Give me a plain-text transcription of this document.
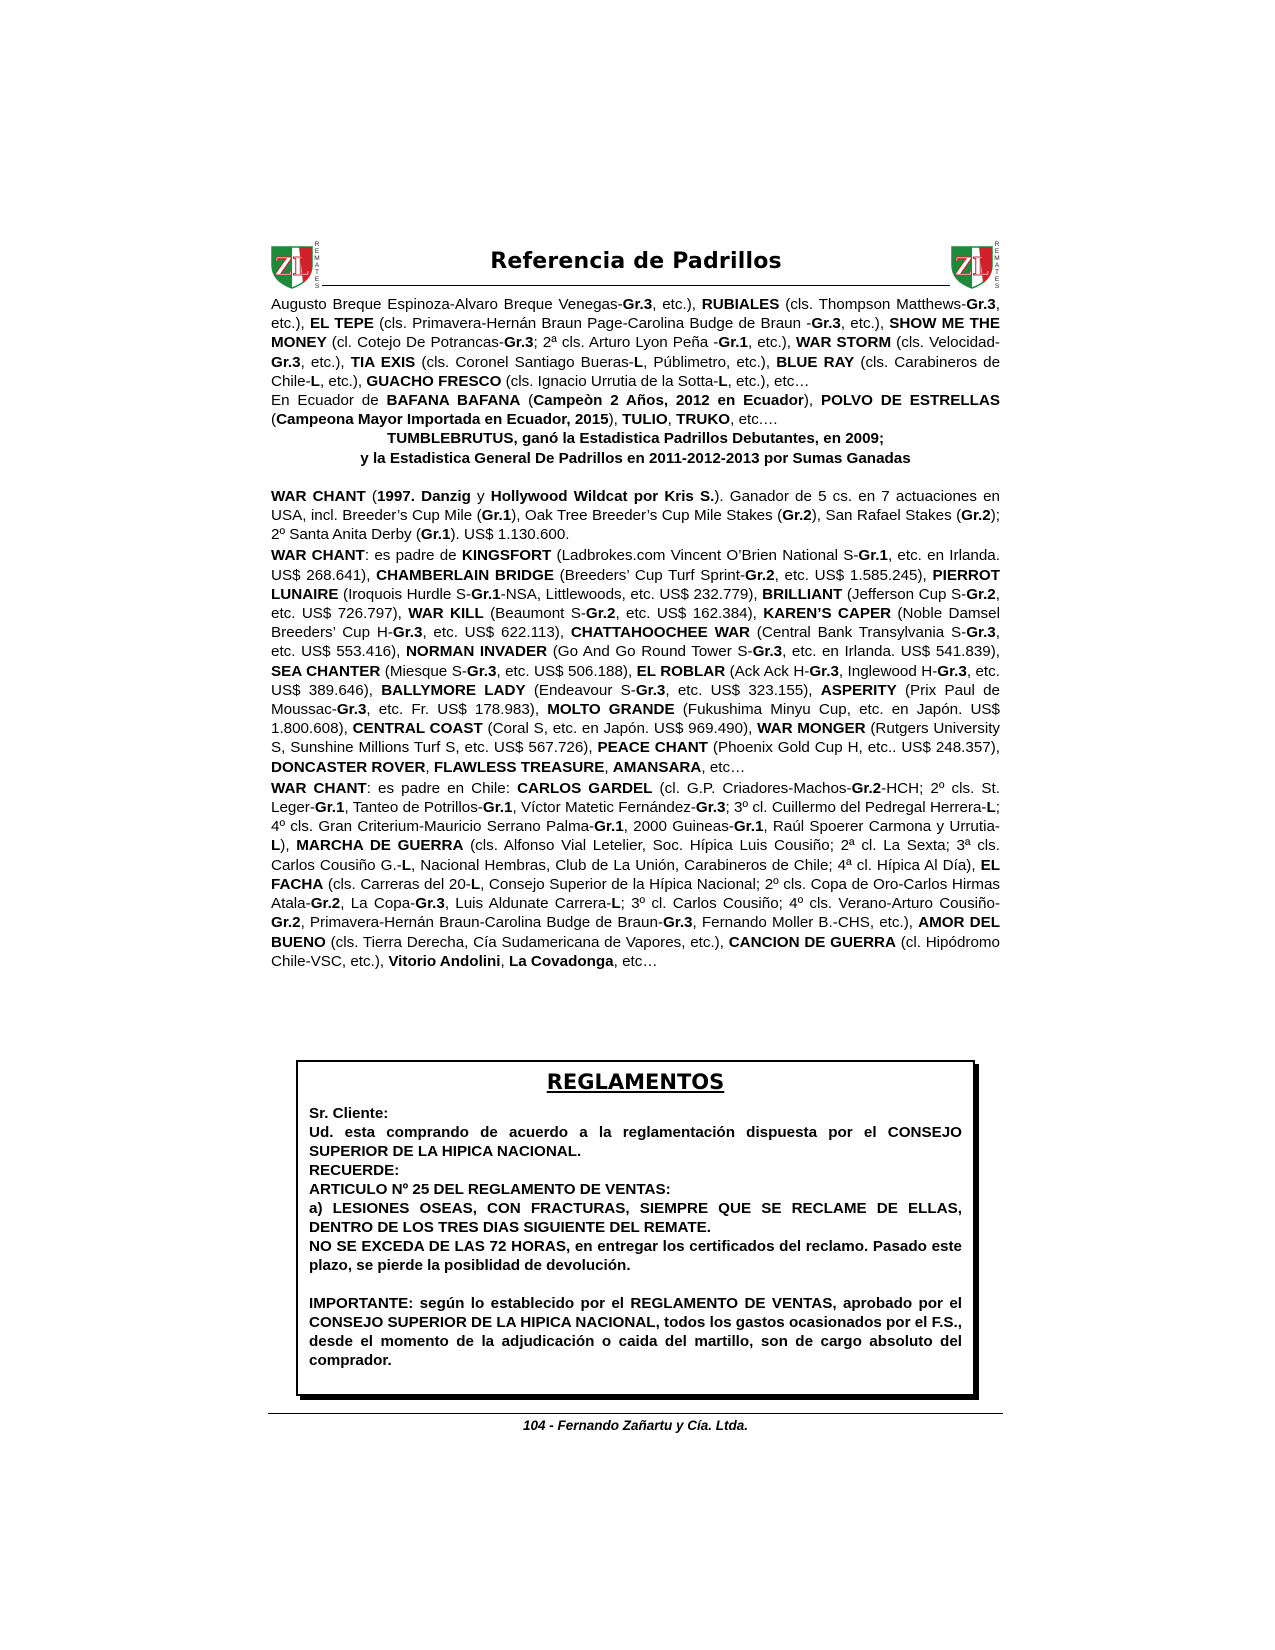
ZL
R
E
M
A
T
E
S
Referencia de Padrillos	ZL
R
E
M
A
T
E
S

Augusto Breque Espinoza-Alvaro Breque Venegas-Gr.3, etc.), RUBIALES (cls. Thompson Matthews-Gr.3, etc.), EL TEPE (cls. Primavera-Hernán Braun Page-Carolina Budge de Braun -Gr.3, etc.), SHOW ME THE MONEY (cl. Cotejo De Potrancas-Gr.3; 2ª cls. Arturo Lyon Peña -Gr.1, etc.), WAR STORM (cls. Velocidad-Gr.3, etc.), TIA EXIS (cls. Coronel Santiago Bueras-L, Públimetro, etc.), BLUE RAY (cls. Carabineros de Chile-L, etc.), GUACHO FRESCO (cls. Ignacio Urrutia de la Sotta-L, etc.), etc…

En Ecuador de BAFANA BAFANA (Campeòn 2 Años, 2012 en Ecuador), POLVO DE ESTRELLAS (Campeona Mayor Importada en Ecuador, 2015), TULIO, TRUKO, etc.…

TUMBLEBRUTUS, ganó la Estadistica Padrillos Debutantes, en 2009;

y la Estadistica General De Padrillos en 2011-2012-2013 por Sumas Ganadas

WAR CHANT (1997. Danzig y Hollywood Wildcat por Kris S.). Ganador de 5 cs. en 7 actuaciones en USA, incl. Breeder’s Cup Mile (Gr.1), Oak Tree Breeder’s Cup Mile Stakes (Gr.2), San Rafael Stakes (Gr.2); 2º Santa Anita Derby (Gr.1). US$ 1.130.600.

WAR CHANT: es padre de KINGSFORT (Ladbrokes.com Vincent O’Brien National S-Gr.1, etc. en Irlanda. US$ 268.641), CHAMBERLAIN BRIDGE (Breeders’ Cup Turf Sprint-Gr.2, etc. US$ 1.585.245), PIERROT LUNAIRE (Iroquois Hurdle S-Gr.1-NSA, Littlewoods, etc. US$ 232.779), BRILLIANT (Jefferson Cup S-Gr.2, etc. US$ 726.797), WAR KILL (Beaumont S-Gr.2, etc. US$ 162.384), KAREN’S CAPER (Noble Damsel Breeders’ Cup H-Gr.3, etc. US$ 622.113), CHATTAHOOCHEE WAR (Central Bank Transylvania S-Gr.3, etc. US$ 553.416), NORMAN INVADER (Go And Go Round Tower S-Gr.3, etc. en Irlanda. US$ 541.839), SEA CHANTER (Miesque S-Gr.3, etc. US$ 506.188), EL ROBLAR (Ack Ack H-Gr.3, Inglewood H-Gr.3, etc. US$ 389.646), BALLYMORE LADY (Endeavour S-Gr.3, etc. US$ 323.155), ASPERITY (Prix Paul de Moussac-Gr.3, etc. Fr. US$ 178.983), MOLTO GRANDE (Fukushima Minyu Cup, etc. en Japón. US$ 1.800.608), CENTRAL COAST (Coral S, etc. en Japón. US$ 969.490), WAR MONGER (Rutgers University S, Sunshine Millions Turf S, etc. US$ 567.726), PEACE CHANT (Phoenix Gold Cup H, etc.. US$ 248.357), DONCASTER ROVER, FLAWLESS TREASURE, AMANSARA, etc…

WAR CHANT: es padre en Chile: CARLOS GARDEL (cl. G.P. Criadores-Machos-Gr.2-HCH; 2º cls. St. Leger-Gr.1, Tanteo de Potrillos-Gr.1, Víctor Matetic Fernández-Gr.3; 3º cl. Cuillermo del Pedregal Herrera-L; 4º cls. Gran Criterium-Mauricio Serrano Palma-Gr.1, 2000 Guineas-Gr.1, Raúl Spoerer Carmona y Urrutia-L), MARCHA DE GUERRA (cls. Alfonso Vial Letelier, Soc. Hípica Luis Cousiño; 2ª cl. La Sexta; 3ª cls. Carlos Cousiño G.-L, Nacional Hembras, Club de La Unión, Carabineros de Chile; 4ª cl. Hípica Al Día), EL FACHA (cls. Carreras del 20-L, Consejo Superior de la Hípica Nacional; 2º cls. Copa de Oro-Carlos Hirmas Atala-Gr.2, La Copa-Gr.3, Luis Aldunate Carrera-L; 3º cl. Carlos Cousiño; 4º cls. Verano-Arturo Cousiño-Gr.2, Primavera-Hernán Braun-Carolina Budge de Braun-Gr.3, Fernando Moller B.-CHS, etc.), AMOR DEL BUENO (cls. Tierra Derecha, Cía Sudamericana de Vapores, etc.), CANCION DE GUERRA (cl. Hipódromo Chile-VSC, etc.), Vitorio Andolini, La Covadonga, etc…

REGLAMENTOS

Sr. Cliente:

Ud. esta comprando de acuerdo a la reglamentación dispuesta por el CONSEJO SUPERIOR DE LA HIPICA NACIONAL.

RECUERDE:

ARTICULO Nº 25 DEL REGLAMENTO DE VENTAS:

a) LESIONES OSEAS, CON FRACTURAS, SIEMPRE QUE SE RECLAME DE ELLAS, DENTRO DE LOS TRES DIAS SIGUIENTE DEL REMATE.

NO SE EXCEDA DE LAS 72 HORAS, en entregar los certificados del reclamo. Pasado este plazo, se pierde la posiblidad de devolución.

IMPORTANTE: según lo establecido por el REGLAMENTO DE VENTAS, aprobado por el CONSEJO SUPERIOR DE LA HIPICA NACIONAL, todos los gastos ocasionados por el F.S., desde el momento de la adjudicación o caida del martillo, son de cargo absoluto del comprador.

104 - Fernando Zañartu y Cía. Ltda.
